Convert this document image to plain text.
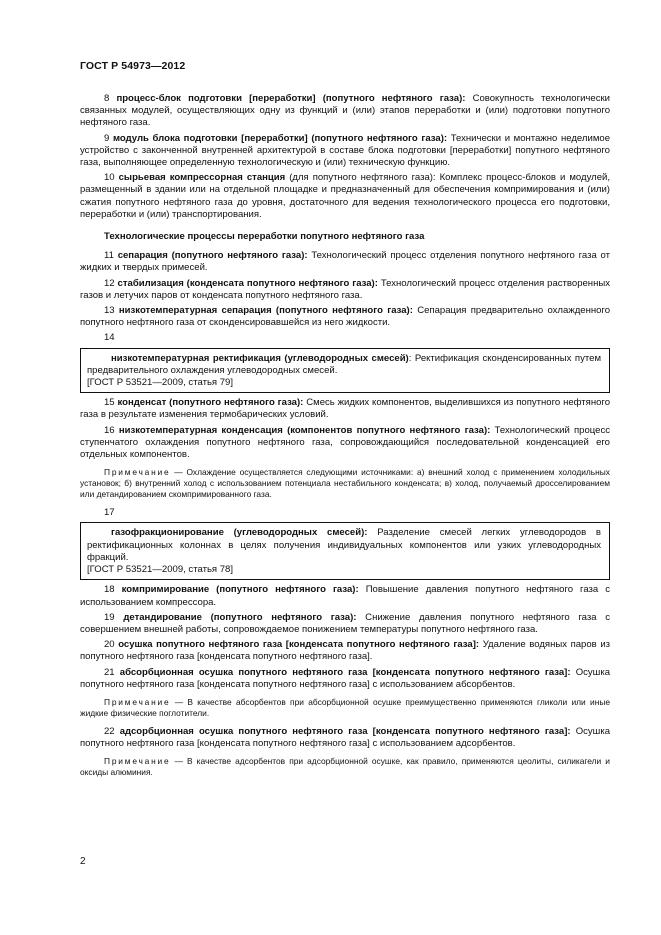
ГОСТ Р 54973—2012

8 процесс-блок подготовки [переработки] (попутного нефтяного газа): Совокупность технологически связанных модулей, осуществляющих одну из функций и (или) этапов переработки и (или) подготовки попутного нефтяного газа.

9 модуль блока подготовки [переработки] (попутного нефтяного газа): Технически и монтажно неделимое устройство с законченной внутренней архитектурой в составе блока подготовки [переработки] попутного нефтяного газа, выполняющее определенную технологическую и (или) техническую функцию.

10 сырьевая компрессорная станция (для попутного нефтяного газа): Комплекс процесс-блоков и модулей, размещенный в здании или на отдельной площадке и предназначенный для обеспечения компримирования и (или) сжатия попутного нефтяного газа до уровня, достаточного для ведения технологического процесса его подготовки, переработки и (или) транспортирования.

Технологические процессы переработки попутного нефтяного газа

11 сепарация (попутного нефтяного газа): Технологический процесс отделения попутного нефтяного газа от жидких и твердых примесей.

12 стабилизация (конденсата попутного нефтяного газа): Технологический процесс отделения растворенных газов и летучих паров от конденсата попутного нефтяного газа.

13 низкотемпературная сепарация (попутного нефтяного газа): Сепарация предварительно охлажденного попутного нефтяного газа от сконденсировавшейся из него жидкости.

14

низкотемпературная ректификация (углеводородных смесей): Ректификация сконденсированных путем предварительного охлаждения углеводородных смесей.

[ГОСТ Р 53521—2009, статья 79]

15 конденсат (попутного нефтяного газа): Смесь жидких компонентов, выделившихся из попутного нефтяного газа в результате изменения термобарических условий.

16 низкотемпературная конденсация (компонентов попутного нефтяного газа): Технологический процесс ступенчатого охлаждения попутного нефтяного газа, сопровождающийся последовательной конденсацией его отдельных компонентов.

Примечание — Охлаждение осуществляется следующими источниками: а) внешний холод с применением холодильных установок; б) внутренний холод с использованием потенциала нестабильного конденсата; в) холод, получаемый дросселированием или детандированием скомпримированного газа.

17

газофракционирование (углеводородных смесей): Разделение смесей легких углеводородов в ректификационных колоннах в целях получения индивидуальных компонентов или узких углеводородных фракций.

[ГОСТ Р 53521—2009, статья 78]

18 компримирование (попутного нефтяного газа): Повышение давления попутного нефтяного газа с использованием компрессора.

19 детандирование (попутного нефтяного газа): Снижение давления попутного нефтяного газа с совершением внешней работы, сопровождаемое понижением температуры попутного нефтяного газа.

20 осушка попутного нефтяного газа [конденсата попутного нефтяного газа]: Удаление водяных паров из попутного нефтяного газа [конденсата попутного нефтяного газа].

21 абсорбционная осушка попутного нефтяного газа [конденсата попутного нефтяного газа]: Осушка попутного нефтяного газа [конденсата попутного нефтяного газа] с использованием абсорбентов.

Примечание — В качестве абсорбентов при абсорбционной осушке преимущественно применяются гликоли или иные жидкие физические поглотители.

22 адсорбционная осушка попутного нефтяного газа [конденсата попутного нефтяного газа]: Осушка попутного нефтяного газа [конденсата попутного нефтяного газа] с использованием адсорбентов.

Примечание — В качестве адсорбентов при адсорбционной осушке, как правило, применяются цеолиты, силикагели и оксиды алюминия.

2
